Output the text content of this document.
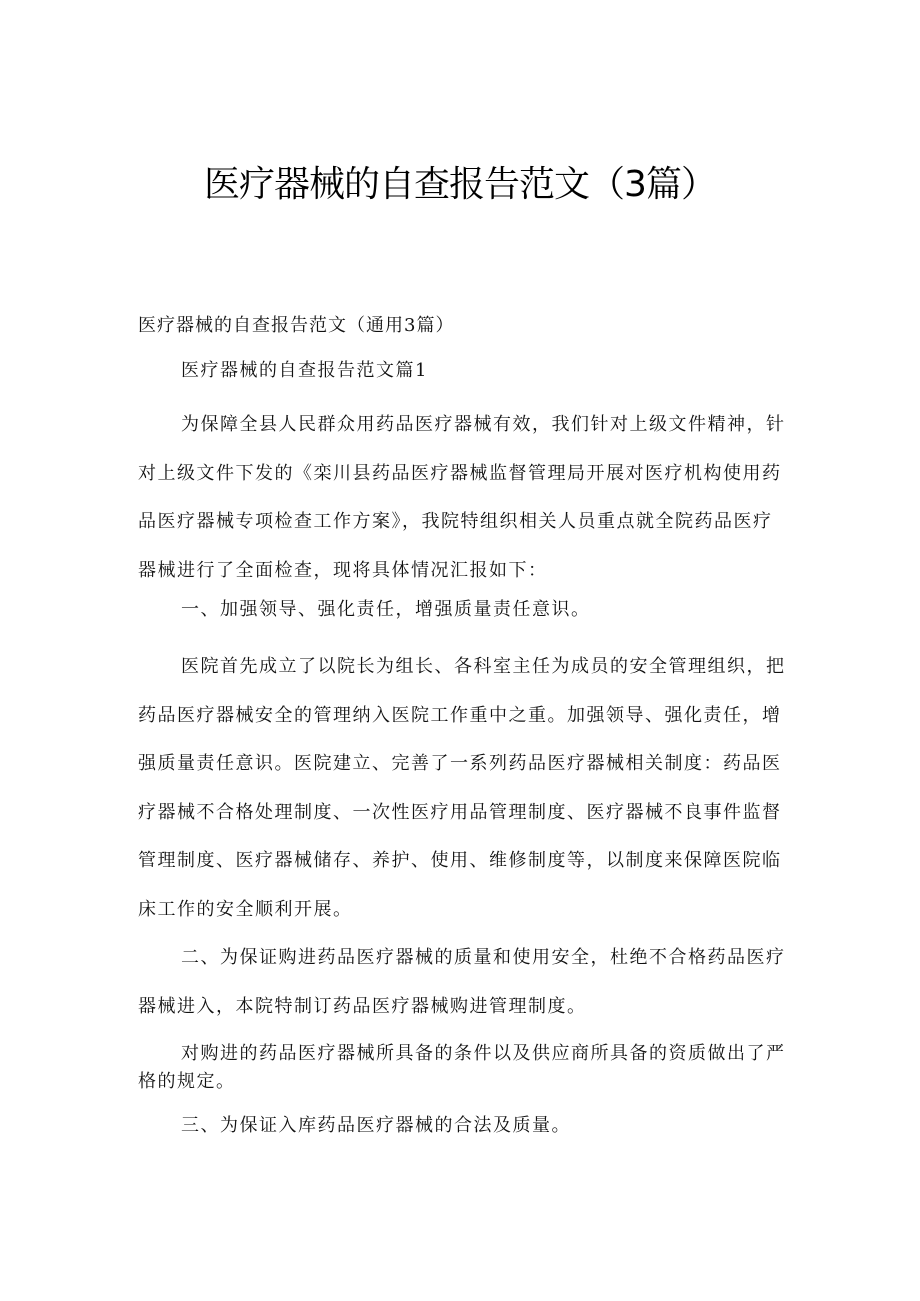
医疗器械的自查报告范文（3篇）

医疗器械的自查报告范文（通用3篇）

医疗器械的自查报告范文篇1

为保障全县人民群众用药品医疗器械有效，我们针对上级文件精神，针对上级文件下发的《栾川县药品医疗器械监督管理局开展对医疗机构使用药品医疗器械专项检查工作方案》，我院特组织相关人员重点就全院药品医疗器械进行了全面检查，现将具体情况汇报如下：

一、加强领导、强化责任，增强质量责任意识。

医院首先成立了以院长为组长、各科室主任为成员的安全管理组织，把药品医疗器械安全的管理纳入医院工作重中之重。加强领导、强化责任，增强质量责任意识。医院建立、完善了一系列药品医疗器械相关制度：药品医疗器械不合格处理制度、一次性医疗用品管理制度、医疗器械不良事件监督管理制度、医疗器械储存、养护、使用、维修制度等，以制度来保障医院临床工作的安全顺利开展。

二、为保证购进药品医疗器械的质量和使用安全，杜绝不合格药品医疗器械进入，本院特制订药品医疗器械购进管理制度。

对购进的药品医疗器械所具备的条件以及供应商所具备的资质做出了严格的规定。

三、为保证入库药品医疗器械的合法及质量。
